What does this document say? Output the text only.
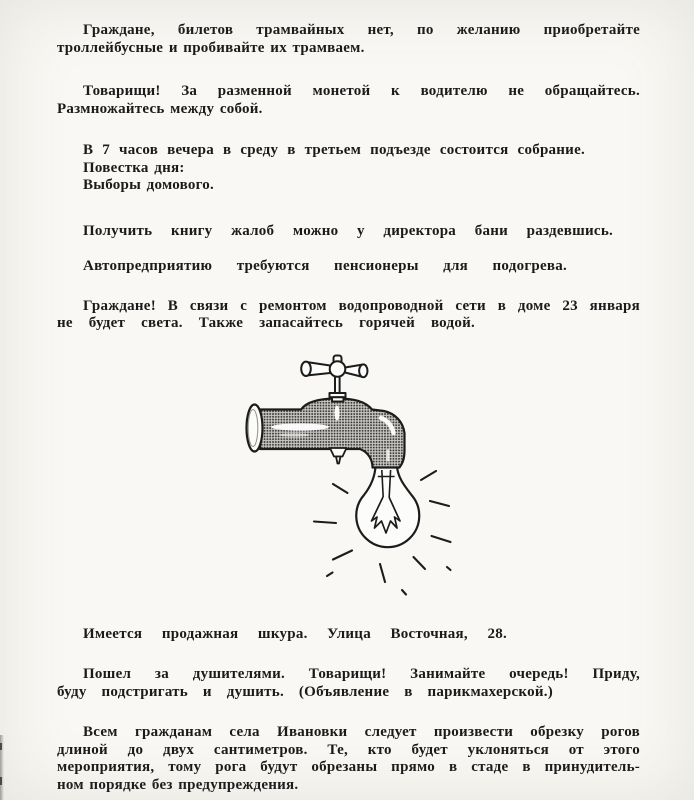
Граждане, билетов трамвайных нет, по желанию приобретайте
троллейбусные и пробивайте их трамваем.
Товарищи! За разменной монетой к водителю не обращайтесь.
Размножайтесь между собой.
В 7 часов вечера в среду в третьем подъезде состоится собрание.
Повестка дня:
Выборы домового.
Получить книгу жалоб можно у директора бани раздевшись.
Автопредприятию требуются пенсионеры для подогрева.
Граждане! В связи с ремонтом водопроводной сети в доме 23 января
не будет света. Также запасайтесь горячей водой.
Имеется продажная шкура. Улица Восточная, 28.
Пошел за душителями. Товарищи! Занимайте очередь! Приду,
буду подстригать и душить. (Объявление в парикмахерской.)
Всем гражданам села Ивановки следует произвести обрезку рогов
длиной до двух сантиметров. Те, кто будет уклоняться от этого
мероприятия, тому рога будут обрезаны прямо в стаде в принудитель-
ном порядке без предупреждения.
